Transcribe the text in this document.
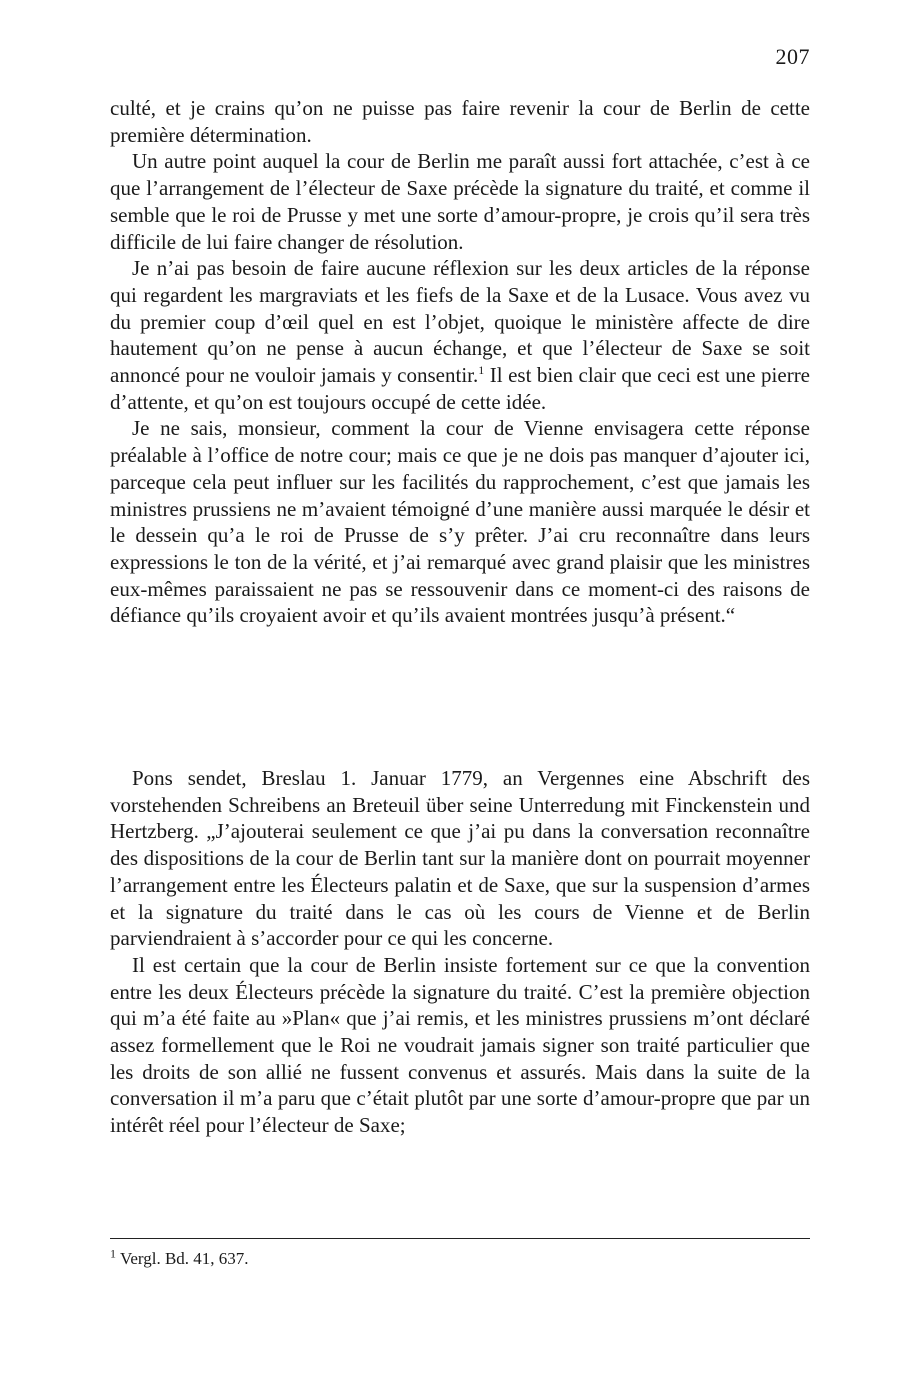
207

culté, et je crains qu’on ne puisse pas faire revenir la cour de Berlin de cette première détermination.

Un autre point auquel la cour de Berlin me paraît aussi fort attachée, c’est à ce que l’arrangement de l’électeur de Saxe précède la signature du traité, et comme il semble que le roi de Prusse y met une sorte d’amour-propre, je crois qu’il sera très difficile de lui faire changer de résolution.

Je n’ai pas besoin de faire aucune réflexion sur les deux articles de la réponse qui regardent les margraviats et les fiefs de la Saxe et de la Lusace. Vous avez vu du premier coup d’œil quel en est l’objet, quoique le ministère affecte de dire hautement qu’on ne pense à aucun échange, et que l’électeur de Saxe se soit annoncé pour ne vouloir jamais y consentir.$^1$ Il est bien clair que ceci est une pierre d’attente, et qu’on est toujours occupé de cette idée.

Je ne sais, monsieur, comment la cour de Vienne envisagera cette réponse préalable à l’office de notre cour; mais ce que je ne dois pas manquer d’ajouter ici, parceque cela peut influer sur les facilités du rapprochement, c’est que jamais les ministres prussiens ne m’avaient témoigné d’une manière aussi marquée le désir et le dessein qu’a le roi de Prusse de s’y prêter. J’ai cru reconnaître dans leurs expressions le ton de la vérité, et j’ai remarqué avec grand plaisir que les ministres eux-mêmes paraissaient ne pas se ressouvenir dans ce moment-ci des raisons de défiance qu’ils croyaient avoir et qu’ils avaient montrées jusqu’à présent.“

Pons sendet, Breslau 1. Januar 1779, an Vergennes eine Abschrift des vorstehenden Schreibens an Breteuil über seine Unterredung mit Finckenstein und Hertzberg. „J’ajouterai seulement ce que j’ai pu dans la conversation reconnaître des dispositions de la cour de Berlin tant sur la manière dont on pourrait moyenner l’arrangement entre les Électeurs palatin et de Saxe, que sur la suspension d’armes et la signature du traité dans le cas où les cours de Vienne et de Berlin parviendraient à s’accorder pour ce qui les concerne.

Il est certain que la cour de Berlin insiste fortement sur ce que la convention entre les deux Électeurs précède la signature du traité. C’est la première objection qui m’a été faite au »Plan« que j’ai remis, et les ministres prussiens m’ont déclaré assez formellement que le Roi ne voudrait jamais signer son traité particulier que les droits de son allié ne fussent convenus et assurés. Mais dans la suite de la conversation il m’a paru que c’était plutôt par une sorte d’amour-propre que par un intérêt réel pour l’électeur de Saxe;

$^1$ Vergl. Bd. 41, 637.
